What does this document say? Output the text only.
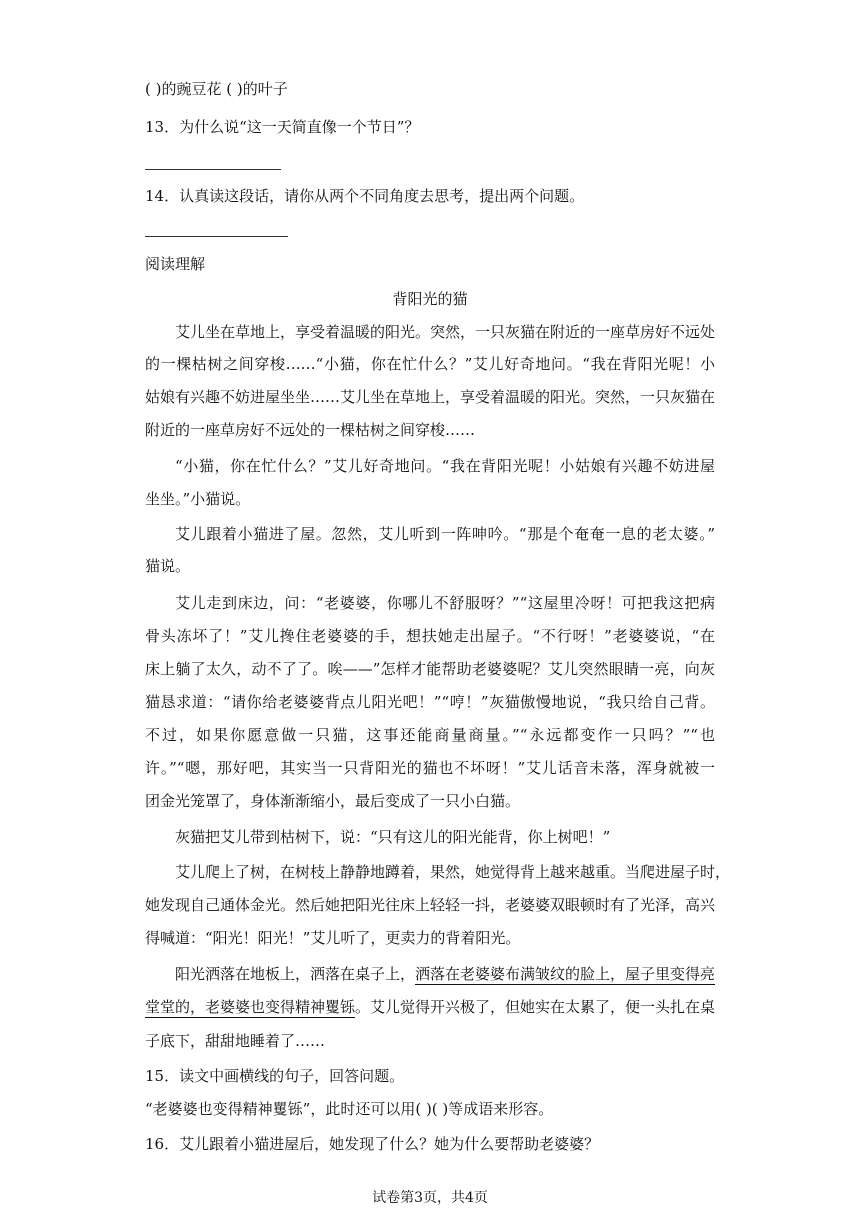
( )的豌豆花 ( )的叶子
13．为什么说“这一天简直像一个节日”？
14．认真读这段话，请你从两个不同角度去思考，提出两个问题。
阅读理解
背阳光的猫
艾儿坐在草地上，享受着温暖的阳光。突然，一只灰猫在附近的一座草房好不远处
的一棵枯树之间穿梭……“小猫，你在忙什么？”艾儿好奇地问。“我在背阳光呢！小
姑娘有兴趣不妨进屋坐坐……艾儿坐在草地上，享受着温暖的阳光。突然，一只灰猫在
附近的一座草房好不远处的一棵枯树之间穿梭……
“小猫，你在忙什么？”艾儿好奇地问。“我在背阳光呢！小姑娘有兴趣不妨进屋
坐坐。”小猫说。
艾儿跟着小猫进了屋。忽然，艾儿听到一阵呻吟。“那是个奄奄一息的老太婆。”
猫说。
艾儿走到床边，问：“老婆婆，你哪儿不舒服呀？”“这屋里冷呀！可把我这把病
骨头冻坏了！”艾儿搀住老婆婆的手，想扶她走出屋子。“不行呀！”老婆婆说，“在
床上躺了太久，动不了了。唉——”怎样才能帮助老婆婆呢？艾儿突然眼睛一亮，向灰
猫恳求道：“请你给老婆婆背点儿阳光吧！”“哼！”灰猫傲慢地说，“我只给自己背。
不过，如果你愿意做一只猫，这事还能商量商量。”“永远都变作一只吗？”“也
许。”“嗯，那好吧，其实当一只背阳光的猫也不坏呀！”艾儿话音未落，浑身就被一
团金光笼罩了，身体渐渐缩小，最后变成了一只小白猫。
灰猫把艾儿带到枯树下，说：“只有这儿的阳光能背，你上树吧！”
艾儿爬上了树，在树枝上静静地蹲着，果然，她觉得背上越来越重。当爬进屋子时，
她发现自己通体金光。然后她把阳光往床上轻轻一抖，老婆婆双眼顿时有了光泽，高兴
得喊道：“阳光！阳光！”艾儿听了，更卖力的背着阳光。
阳光洒落在地板上，洒落在桌子上，洒落在老婆婆布满皱纹的脸上，屋子里变得亮
堂堂的，老婆婆也变得精神矍铄。艾儿觉得开兴极了，但她实在太累了，便一头扎在桌
子底下，甜甜地睡着了……
15．读文中画横线的句子，回答问题。
“老婆婆也变得精神矍铄”，此时还可以用( )( )等成语来形容。
16．艾儿跟着小猫进屋后，她发现了什么？她为什么要帮助老婆婆？
试卷第3页，共4页
